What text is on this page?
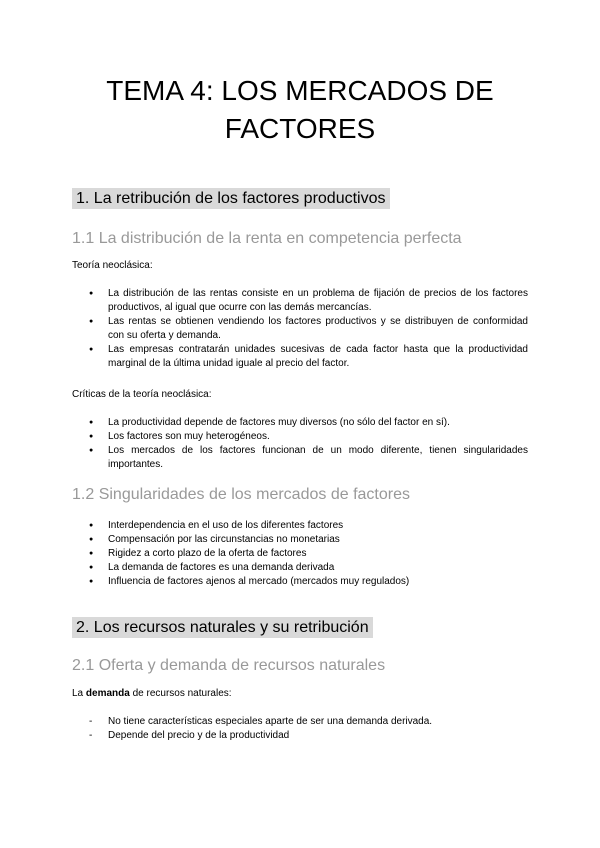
TEMA 4: LOS MERCADOS DE FACTORES
1. La retribución de los factores productivos
1.1 La distribución de la renta en competencia perfecta

Teoría neoclásica:

● La distribución de las rentas consiste en un problema de fijación de precios de los factores productivos, al igual que ocurre con las demás mercancías.
● Las rentas se obtienen vendiendo los factores productivos y se distribuyen de conformidad con su oferta y demanda.
● Las empresas contratarán unidades sucesivas de cada factor hasta que la productividad marginal de la última unidad iguale al precio del factor.

Críticas de la teoría neoclásica:

● La productividad depende de factores muy diversos (no sólo del factor en sí).
● Los factores son muy heterogéneos.
● Los mercados de los factores funcionan de un modo diferente, tienen singularidades importantes.
1.2 Singularidades de los mercados de factores
● Interdependencia en el uso de los diferentes factores
● Compensación por las circunstancias no monetarias
● Rigidez a corto plazo de la oferta de factores
● La demanda de factores es una demanda derivada
● Influencia de factores ajenos al mercado (mercados muy regulados)
2. Los recursos naturales y su retribución
2.1 Oferta y demanda de recursos naturales

La demanda de recursos naturales:

- No tiene características especiales aparte de ser una demanda derivada.
- Depende del precio y de la productividad
